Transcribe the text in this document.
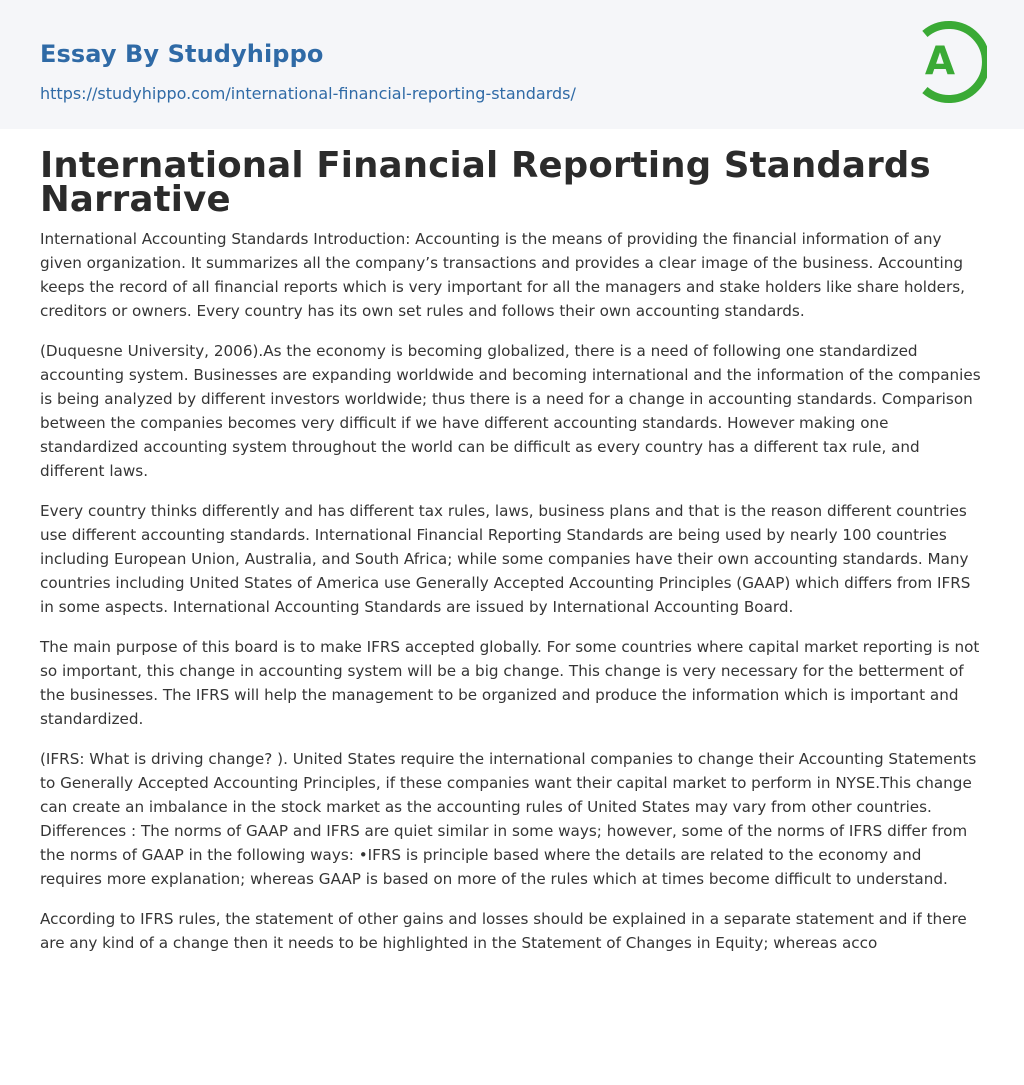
Essay By Studyhippo
https://studyhippo.com/international-financial-reporting-standards/
A
International Financial Reporting Standards Narrative

International Accounting Standards Introduction: Accounting is the means of providing the financial information of any given organization. It summarizes all the company’s transactions and provides a clear image of the business. Accounting keeps the record of all financial reports which is very important for all the managers and stake holders like share holders, creditors or owners. Every country has its own set rules and follows their own accounting standards.

(Duquesne University, 2006).As the economy is becoming globalized, there is a need of following one standardized accounting system. Businesses are expanding worldwide and becoming international and the information of the companies is being analyzed by different investors worldwide; thus there is a need for a change in accounting standards. Comparison between the companies becomes very difficult if we have different accounting standards. However making one standardized accounting system throughout the world can be difficult as every country has a different tax rule, and different laws.

Every country thinks differently and has different tax rules, laws, business plans and that is the reason different countries use different accounting standards. International Financial Reporting Standards are being used by nearly 100 countries including European Union, Australia, and South Africa; while some companies have their own accounting standards. Many countries including United States of America use Generally Accepted Accounting Principles (GAAP) which differs from IFRS in some aspects. International Accounting Standards are issued by International Accounting Board.

The main purpose of this board is to make IFRS accepted globally. For some countries where capital market reporting is not so important, this change in accounting system will be a big change. This change is very necessary for the betterment of the businesses. The IFRS will help the management to be organized and produce the information which is important and standardized.

(IFRS: What is driving change? ). United States require the international companies to change their Accounting Statements to Generally Accepted Accounting Principles, if these companies want their capital market to perform in NYSE.This change can create an imbalance in the stock market as the accounting rules of United States may vary from other countries. Differences : The norms of GAAP and IFRS are quiet similar in some ways; however, some of the norms of IFRS differ from the norms of GAAP in the following ways: •IFRS is principle based where the details are related to the economy and requires more explanation; whereas GAAP is based on more of the rules which at times become difficult to understand.

According to IFRS rules, the statement of other gains and losses should be explained in a separate statement and if there are any kind of a change then it needs to be highlighted in the Statement of Changes in Equity; whereas acco
